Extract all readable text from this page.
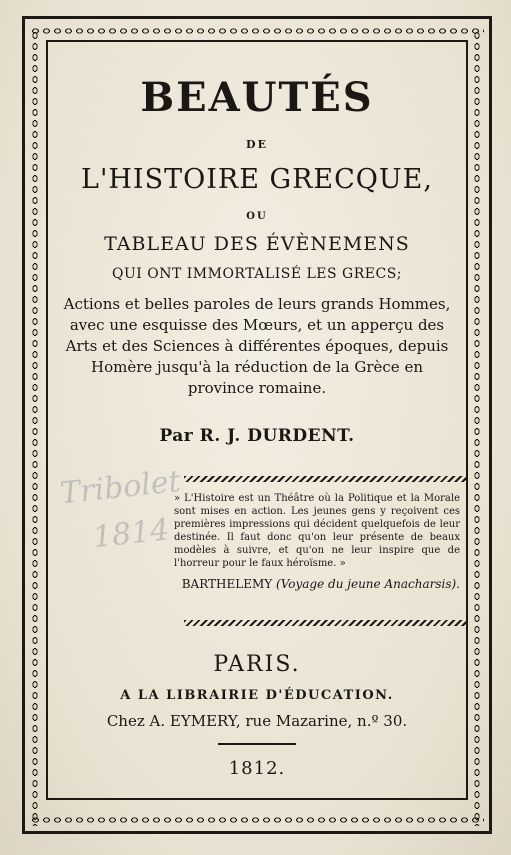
Tribolet
1814
BEAUTÉS
DE
L'HISTOIRE GRECQUE,
OU
TABLEAU DES ÉVÈNEMENS
QUI ONT IMMORTALISÉ LES GRECS;
Actions et belles paroles de leurs grands Hommes, avec une esquisse des Mœurs, et un apperçu des Arts et des Sciences à différentes époques, depuis Homère jusqu'à la réduction de la Grèce en province romaine.
Par R. J. DURDENT.
» L'Histoire est un Théâtre où la Politique et la Morale sont mises en action. Les jeunes gens y reçoivent ces premières impressions qui décident quelquefois de leur destinée. Il faut donc qu'on leur présente de beaux modèles à suivre, et qu'on ne leur inspire que de l'horreur pour le faux héroïsme. »
BARTHELEMY (Voyage du jeune Anacharsis).
PARIS.
A LA LIBRAIRIE D'ÉDUCATION.
Chez A. EYMERY, rue Mazarine, n.º 30.
1812.
